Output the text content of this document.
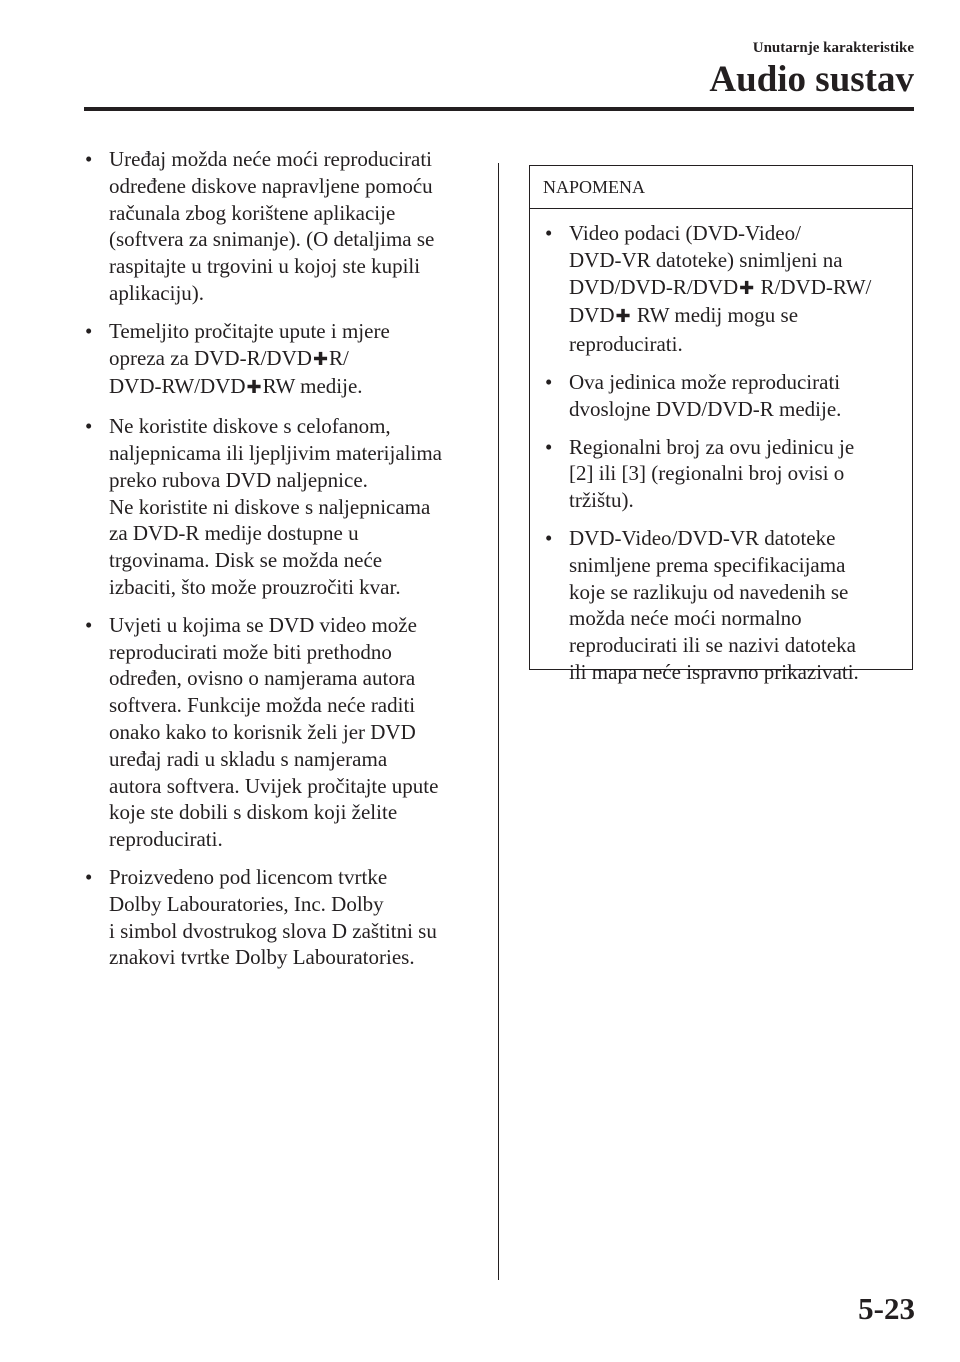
Unutarnje karakteristike
Audio sustav
• Uređaj možda neće moći reproducirati
određene diskove napravljene pomoću
računala zbog korištene aplikacije
(softvera za snimanje). (O detaljima se
raspitajte u trgovini u kojoj ste kupili
aplikaciju).
• Temeljito pročitajte upute i mjere
opreza za DVD-R/DVD✚R/
DVD-RW/DVD✚RW medije.
• Ne koristite diskove s celofanom,
naljepnicama ili ljepljivim materijalima
preko rubova DVD naljepnice.
Ne koristite ni diskove s naljepnicama
za DVD-R medije dostupne u
trgovinama. Disk se možda neće
izbaciti, što može prouzročiti kvar.
• Uvjeti u kojima se DVD video može
reproducirati može biti prethodno
određen, ovisno o namjerama autora
softvera. Funkcije možda neće raditi
onako kako to korisnik želi jer DVD
uređaj radi u skladu s namjerama
autora softvera. Uvijek pročitajte upute
koje ste dobili s diskom koji želite
reproducirati.
• Proizvedeno pod licencom tvrtke
Dolby Labouratories, Inc. Dolby
i simbol dvostrukog slova D zaštitni su
znakovi tvrtke Dolby Labouratories.
NAPOMENA
• Video podaci (DVD-Video/
DVD-VR datoteke) snimljeni na
DVD/DVD-R/DVD✚ R/DVD-RW/
DVD✚ RW medij mogu se
reproducirati.
• Ova jedinica može reproducirati
dvoslojne DVD/DVD-R medije.
• Regionalni broj za ovu jedinicu je
[2] ili [3] (regionalni broj ovisi o
tržištu).
• DVD-Video/DVD-VR datoteke
snimljene prema specifikacijama
koje se razlikuju od navedenih se
možda neće moći normalno
reproducirati ili se nazivi datoteka
ili mapa neće ispravno prikazivati.
5-23
